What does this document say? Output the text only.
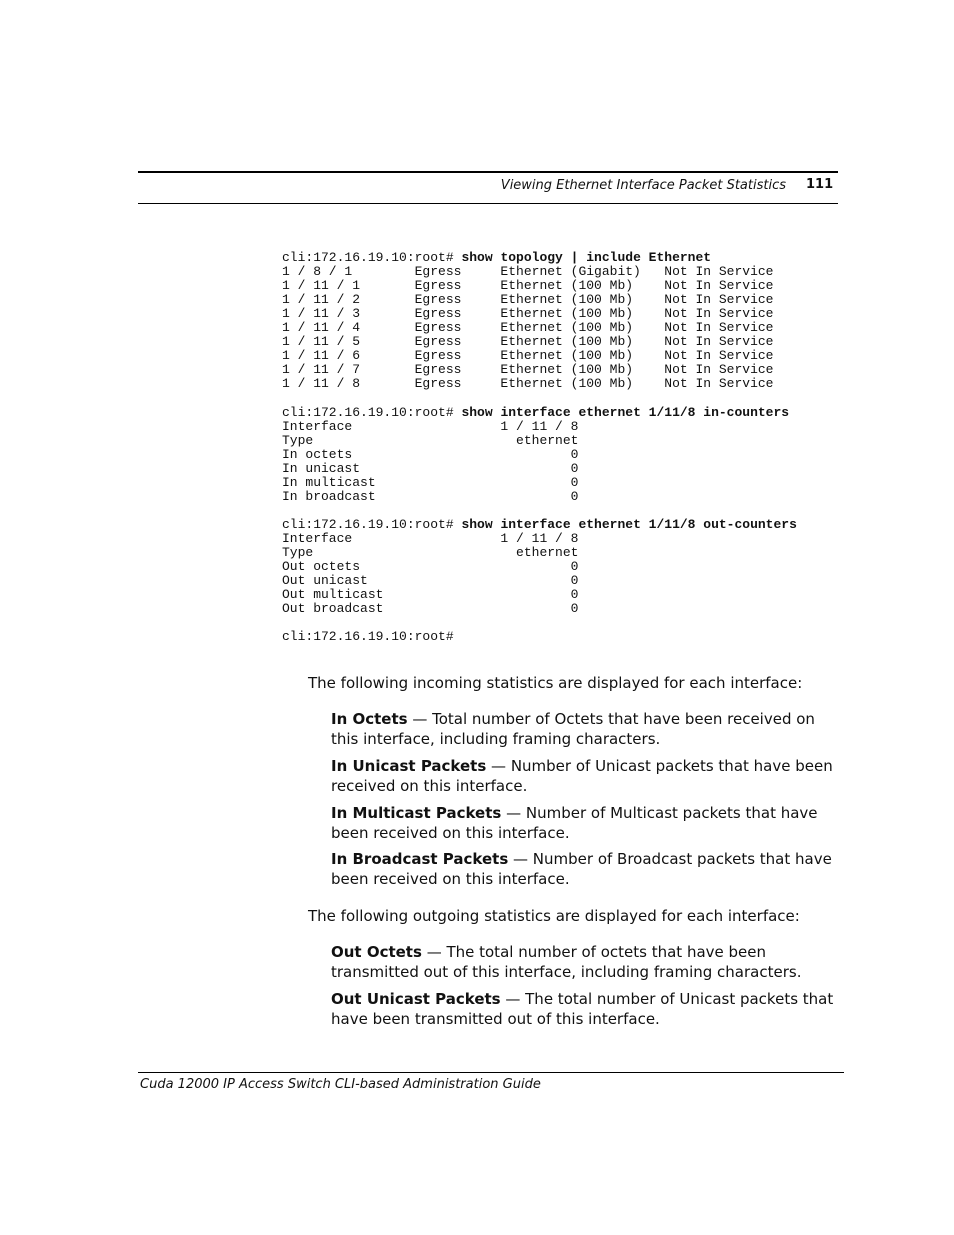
Viewing Ethernet Interface Packet Statistics 111
cli:172.16.19.10:root# show topology | include Ethernet
1 / 8 / 1        Egress     Ethernet (Gigabit)   Not In Service
1 / 11 / 1       Egress     Ethernet (100 Mb)    Not In Service
1 / 11 / 2       Egress     Ethernet (100 Mb)    Not In Service
1 / 11 / 3       Egress     Ethernet (100 Mb)    Not In Service
1 / 11 / 4       Egress     Ethernet (100 Mb)    Not In Service
1 / 11 / 5       Egress     Ethernet (100 Mb)    Not In Service
1 / 11 / 6       Egress     Ethernet (100 Mb)    Not In Service
1 / 11 / 7       Egress     Ethernet (100 Mb)    Not In Service
1 / 11 / 8       Egress     Ethernet (100 Mb)    Not In Service

cli:172.16.19.10:root# show interface ethernet 1/11/8 in-counters
Interface                   1 / 11 / 8
Type                          ethernet
In octets                            0
In unicast                           0
In multicast                         0
In broadcast                         0

cli:172.16.19.10:root# show interface ethernet 1/11/8 out-counters
Interface                   1 / 11 / 8
Type                          ethernet
Out octets                           0
Out unicast                          0
Out multicast                        0
Out broadcast                        0

cli:172.16.19.10:root#
The following incoming statistics are displayed for each interface:
In Octets — Total number of Octets that have been received on this interface, including framing characters.
In Unicast Packets — Number of Unicast packets that have been received on this interface.
In Multicast Packets — Number of Multicast packets that have been received on this interface.
In Broadcast Packets — Number of Broadcast packets that have been received on this interface.
The following outgoing statistics are displayed for each interface:
Out Octets — The total number of octets that have been transmitted out of this interface, including framing characters.
Out Unicast Packets — The total number of Unicast packets that have been transmitted out of this interface.
Cuda 12000 IP Access Switch CLI-based Administration Guide
